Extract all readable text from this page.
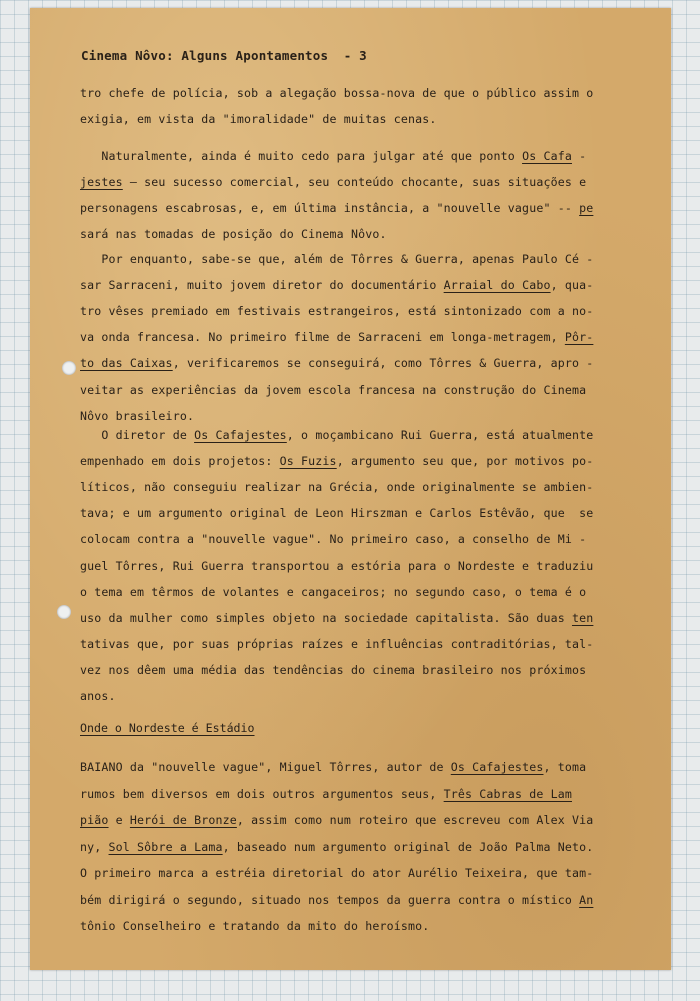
Cinema Nôvo: Alguns Apontamentos - 3
tro chefe de polícia, sob a alegação bossa-nova de que o público assim o
exigia, em vista da "imoralidade" de muitas cenas.
Naturalmente, ainda é muito cedo para julgar até que ponto Os Cafa -
jestes — seu sucesso comercial, seu conteúdo chocante, suas situações e
personagens escabrosas, e, em última instância, a "nouvelle vague" -- pe
sará nas tomadas de posição do Cinema Nôvo.
Por enquanto, sabe-se que, além de Tôrres & Guerra, apenas Paulo Cé -
sar Sarraceni, muito jovem diretor do documentário Arraial do Cabo, qua-
tro vêses premiado em festivais estrangeiros, está sintonizado com a no-
va onda francesa. No primeiro filme de Sarraceni em longa-metragem, Pôr-
to das Caixas, verificaremos se conseguirá, como Tôrres & Guerra, apro -
veitar as experiências da jovem escola francesa na construção do Cinema
Nôvo brasileiro.
O diretor de Os Cafajestes, o moçambicano Rui Guerra, está atualmente
empenhado em dois projetos: Os Fuzis, argumento seu que, por motivos po-
líticos, não conseguiu realizar na Grécia, onde originalmente se ambien-
tava; e um argumento original de Leon Hirszman e Carlos Estêvão, que  se
colocam contra a "nouvelle vague". No primeiro caso, a conselho de Mi -
guel Tôrres, Rui Guerra transportou a estória para o Nordeste e traduziu
o tema em têrmos de volantes e cangaceiros; no segundo caso, o tema é o
uso da mulher como simples objeto na sociedade capitalista. São duas ten
tativas que, por suas próprias raízes e influências contraditórias, tal-
vez nos dêem uma média das tendências do cinema brasileiro nos próximos
anos.
BAIANO da "nouvelle vague", Miguel Tôrres, autor de Os Cafajestes, toma
rumos bem diversos em dois outros argumentos seus, Três Cabras de Lam
pião e Herói de Bronze, assim como num roteiro que escreveu com Alex Via
ny, Sol Sôbre a Lama, baseado num argumento original de João Palma Neto.
O primeiro marca a estréia diretorial do ator Aurélio Teixeira, que tam-
bém dirigirá o segundo, situado nos tempos da guerra contra o místico An
tônio Conselheiro e tratando da mito do heroísmo.
Onde o Nordeste é Estádio
